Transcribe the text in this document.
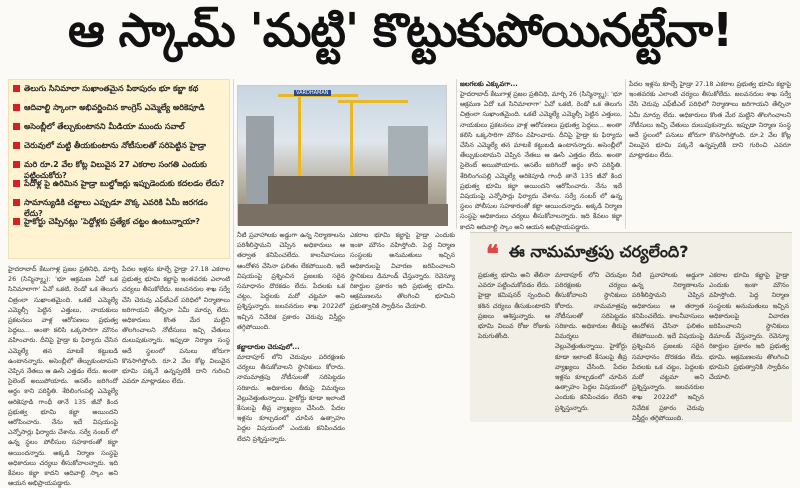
ఆ స్కామ్ 'మట్టి' కొట్టుకుపోయినట్టేనా!
తెలుగు సినిమాలా సుఖాంతమైన పిఠాపురం భూ కబ్జా కథ
ఆదివాల్టి స్కాంగా అభివర్ణించిన కాంగ్రెస్ ఎమ్మెల్యే అరికెపూడి
అసెంబ్లీలో తేల్చుకుంటానని మీడియా ముందు సవాల్
చెరువులో మట్టి తీయకుంటాను నోటీసులతో సరిపెట్టిన హైడ్రా
మరి రూ.2 వేల కోట్ల విలువైన 27 ఎకరాల సంగతి ఎందుకు పట్టించుకోరు?
పేదోళ్ల పై ఉరిమిన హైడ్రా బుల్డోజర్లు ఇప్పుడెందుకు కదలడం లేదు?
సామాన్యుడికి చట్టాలు ఎప్పుడూ వొక్క ఎవరికి ఏమీ జరగడం లేదు?
హైకోర్టు చెప్పినట్లు 'పెద్దోళ్లకు ప్రత్యేక చట్టం ఉంటున్నాయా?
VARDHAMAN
హైదరాబాద్ కేటుగాళ్ల ప్రజల ప్రతినిధి, మార్చి 26 (సిన్మిన్య్మా): 'భూ ఆక్రమణ ఏదో ఒక సినిమాలాగా' ఏవో ఒకటి, రెండో ఒక తెలుగు చిత్రంలా సుఖాంతమైంది. ఒకటే ఎమ్మెల్యే ఎమ్మెల్సీ పెట్టిన ఎత్తులు, నాయకులు ప్రకటనలు వాళ్ల ఆరోపణలు ప్రభుత్వ పెద్దలు... అంతా కలిసి ఒక్కసారిగా మౌనం వహించారు. దీనిపై హైడ్రా కు ఫిర్యాదు చేసిన ఎమ్మెల్యే తన మాటకే కట్టుబడి ఉంటానన్నారు. అసెంబ్లీలో తేల్చుకుంటామని చెప్పిన నేతలు ఆ ఊసే ఎత్తడం లేదు. అంతా సైలెంట్ అయిపోయారు. అసలేం జరిగిందో అర్థం కాని పరిస్థితి. శేరిలింగంపల్లి ఎమ్మెల్యే అరికెపూడి గాంధీ తానే 135 జీవో కింద ప్రభుత్వ భూమి కబ్జా అయిందని ఆరోపించారు. నేను ఇదే విషయంపై ఎన్నోసార్లు ఫిర్యాదు చేశాను. సర్వే నంబర్ లో ఉన్న స్థలం పోలీసుల సహకారంతో కబ్జా అయిందన్నారు. అక్కడి నిర్మాణ సంస్థపై అధికారులు చర్యలు తీసుకోవాలన్నారు. ఇది కేవలం కబ్జా కాదని ఆదివాల్టి స్కాం అని ఆయన అభిప్రాయపడ్డారు.
పేదల ఇళ్లను కూల్చే హైడ్రా 27.18 ఎకరాల ప్రభుత్వ భూమి కబ్జాపై ఇంతవరకు ఎలాంటి చర్యలు తీసుకోలేదు. జలవనరుల శాఖ సర్వే చేసి చెరువు ఎఫ్‌టీఎల్ పరిధిలో నిర్మాణాలు జరిగాయని తేల్చినా ఏమీ మార్పు లేదు. అధికారులు కొంత మేర మట్టిని తొలగించాలని నోటీసులు ఇచ్చి చేతులు దులుపుకున్నారు. ఇప్పుడా నిర్మాణ సంస్థ అదే స్థలంలో పనులు జోరుగా కొనసాగిస్తోంది. రూ.2 వేల కోట్ల విలువైన భూమి పక్కనే ఉన్నప్పటికీ దాని గురించి ఎవరూ మాట్లాడటం లేదు.
నీటి ప్రవాహాలకు అడ్డుగా ఉన్న నిర్మాణాలను పరిశీలిస్తామని చెప్పిన అధికారులు ఆ తర్వాత కనిపించలేదు. కాలనీవాసులు ఆందోళన చేసినా ఫలితం లేకపోయింది. ఇదే విషయంపై ప్రశ్నించిన ప్రజలకు సరైన సమాధానం దొరకడం లేదు. పేదలకు ఒక చట్టం, పెద్దలకు మరో చట్టమా అని ప్రశ్నిస్తున్నారు. జలవనరుల శాఖ 2022లో ఇచ్చిన నివేదిక ప్రకారం చెరువు విస్తీర్ణం తగ్గిపోయింది.
కబ్జాదారుల చెరుపులో...
మాదాపూర్ లోని చెరువుల పరిరక్షణకు చర్యలు తీసుకోవాలని స్థానికులు కోరారు. నామమాత్రపు నోటీసులతో సరిపెట్టడం సరికాదు. అధికారుల తీరుపై విమర్శలు వెల్లువెత్తుతున్నాయి. హైకోర్టు కూడా ఇలాంటి కేసులపై తీవ్ర వ్యాఖ్యలు చేసింది. పేదల ఇళ్లను కూల్చడంలో చూపిన ఉత్సాహం పెద్దల విషయంలో ఎందుకు కనిపించడం లేదని ప్రశ్నిస్తున్నారు.
ఎకరాల భూమి కబ్జాపై హైడ్రా ఎందుకు ఇంకా మౌనం వహిస్తోంది. పెద్ద నిర్మాణ సంస్థలకు అనుమతులు ఇచ్చిన అధికారులపై విచారణ జరిపించాలని స్థానికులు డిమాండ్ చేస్తున్నారు. రెవెన్యూ రికార్డుల ప్రకారం ఇది ప్రభుత్వ భూమి. ఆక్రమణలను తొలగించి భూమిని ప్రభుత్వానికి స్వాధీనం చేయాలి.
జలగలకు ఎక్కువగా...
హైదరాబాద్ కేటుగాళ్ల ప్రజల ప్రతినిధి, మార్చి 26 (సిన్మిన్య్మా): 'భూ ఆక్రమణ ఏదో ఒక సినిమాలాగా' ఏవో ఒకటి, రెండో ఒక తెలుగు చిత్రంలా సుఖాంతమైంది. ఒకటే ఎమ్మెల్యే ఎమ్మెల్సీ పెట్టిన ఎత్తులు, నాయకులు ప్రకటనలు వాళ్ల ఆరోపణలు ప్రభుత్వ పెద్దలు... అంతా కలిసి ఒక్కసారిగా మౌనం వహించారు. దీనిపై హైడ్రా కు ఫిర్యాదు చేసిన ఎమ్మెల్యే తన మాటకే కట్టుబడి ఉంటానన్నారు. అసెంబ్లీలో తేల్చుకుంటామని చెప్పిన నేతలు ఆ ఊసే ఎత్తడం లేదు. అంతా సైలెంట్ అయిపోయారు. అసలేం జరిగిందో అర్థం కాని పరిస్థితి. శేరిలింగంపల్లి ఎమ్మెల్యే అరికెపూడి గాంధీ తానే 135 జీవో కింద ప్రభుత్వ భూమి కబ్జా అయిందని ఆరోపించారు. నేను ఇదే విషయంపై ఎన్నోసార్లు ఫిర్యాదు చేశాను. సర్వే నంబర్ లో ఉన్న స్థలం పోలీసుల సహకారంతో కబ్జా అయిందన్నారు. అక్కడి నిర్మాణ సంస్థపై అధికారులు చర్యలు తీసుకోవాలన్నారు. ఇది కేవలం కబ్జా కాదని ఆదివాల్టి స్కాం అని ఆయన అభిప్రాయపడ్డారు.
పేదల ఇళ్లను కూల్చే హైడ్రా 27.18 ఎకరాల ప్రభుత్వ భూమి కబ్జాపై ఇంతవరకు ఎలాంటి చర్యలు తీసుకోలేదు. జలవనరుల శాఖ సర్వే చేసి చెరువు ఎఫ్‌టీఎల్ పరిధిలో నిర్మాణాలు జరిగాయని తేల్చినా ఏమీ మార్పు లేదు. అధికారులు కొంత మేర మట్టిని తొలగించాలని నోటీసులు ఇచ్చి చేతులు దులుపుకున్నారు. ఇప్పుడా నిర్మాణ సంస్థ అదే స్థలంలో పనులు జోరుగా కొనసాగిస్తోంది. రూ.2 వేల కోట్ల విలువైన భూమి పక్కనే ఉన్నప్పటికీ దాని గురించి ఎవరూ మాట్లాడటం లేదు.
❝ ఈ నామమాత్రపు చర్యలేంది?
ప్రభుత్వ భూమి అని తేలినా ఎవరూ పట్టించుకోవడం లేదు. హైడ్రా కమిషనర్ స్పందించి కఠిన చర్యలు తీసుకుంటారని ప్రజలు ఆశిస్తున్నారు. ఆ భూమి విలువ రోజు రోజుకు పెరుగుతోంది.
మాదాపూర్ లోని చెరువుల పరిరక్షణకు చర్యలు తీసుకోవాలని స్థానికులు కోరారు. నామమాత్రపు నోటీసులతో సరిపెట్టడం సరికాదు. అధికారుల తీరుపై విమర్శలు వెల్లువెత్తుతున్నాయి. హైకోర్టు కూడా ఇలాంటి కేసులపై తీవ్ర వ్యాఖ్యలు చేసింది. పేదల ఇళ్లను కూల్చడంలో చూపిన ఉత్సాహం పెద్దల విషయంలో ఎందుకు కనిపించడం లేదని ప్రశ్నిస్తున్నారు.
నీటి ప్రవాహాలకు అడ్డుగా ఉన్న నిర్మాణాలను పరిశీలిస్తామని చెప్పిన అధికారులు ఆ తర్వాత కనిపించలేదు. కాలనీవాసులు ఆందోళన చేసినా ఫలితం లేకపోయింది. ఇదే విషయంపై ప్రశ్నించిన ప్రజలకు సరైన సమాధానం దొరకడం లేదు. పేదలకు ఒక చట్టం, పెద్దలకు మరో చట్టమా అని ప్రశ్నిస్తున్నారు. జలవనరుల శాఖ 2022లో ఇచ్చిన నివేదిక ప్రకారం చెరువు విస్తీర్ణం తగ్గిపోయింది.
ఎకరాల భూమి కబ్జాపై హైడ్రా ఎందుకు ఇంకా మౌనం వహిస్తోంది. పెద్ద నిర్మాణ సంస్థలకు అనుమతులు ఇచ్చిన అధికారులపై విచారణ జరిపించాలని స్థానికులు డిమాండ్ చేస్తున్నారు. రెవెన్యూ రికార్డుల ప్రకారం ఇది ప్రభుత్వ భూమి. ఆక్రమణలను తొలగించి భూమిని ప్రభుత్వానికి స్వాధీనం చేయాలి.
